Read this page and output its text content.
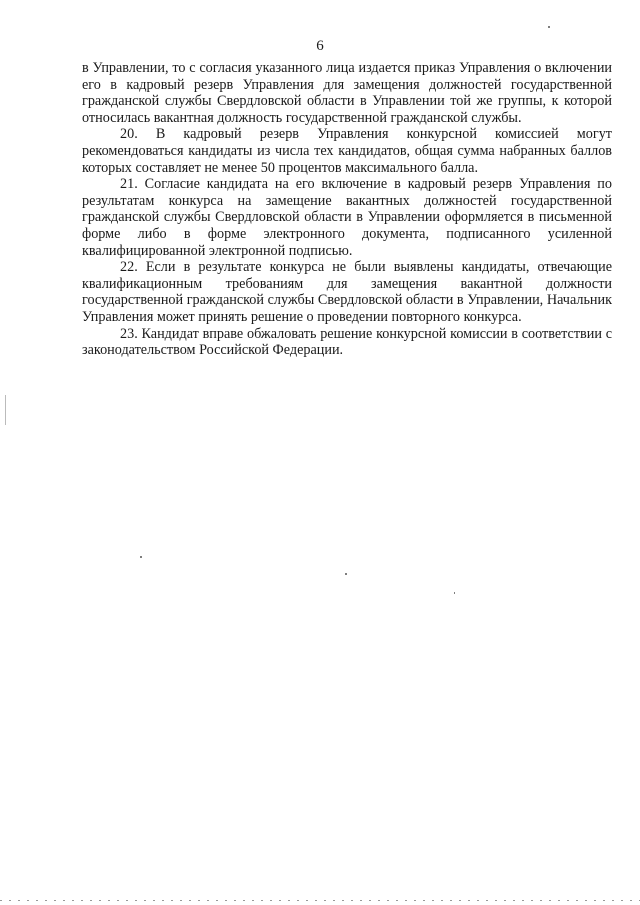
6

в Управлении, то с согласия указанного лица издается приказ Управления о включении его в кадровый резерв Управления для замещения должностей государственной гражданской службы Свердловской области в Управлении той же группы, к которой относилась вакантная должность государственной гражданской службы.

20. В кадровый резерв Управления конкурсной комиссией могут рекомендоваться кандидаты из числа тех кандидатов, общая сумма набранных баллов которых составляет не менее 50 процентов максимального балла.

21. Согласие кандидата на его включение в кадровый резерв Управления по результатам конкурса на замещение вакантных должностей государственной гражданской службы Свердловской области в Управлении оформляется в письменной форме либо в форме электронного документа, подписанного усиленной квалифицированной электронной подписью.

22. Если в результате конкурса не были выявлены кандидаты, отвечающие квалификационным требованиям для замещения вакантной должности государственной гражданской службы Свердловской области в Управлении, Начальник Управления может принять решение о проведении повторного конкурса.

23. Кандидат вправе обжаловать решение конкурсной комиссии в соответствии с законодательством Российской Федерации.
